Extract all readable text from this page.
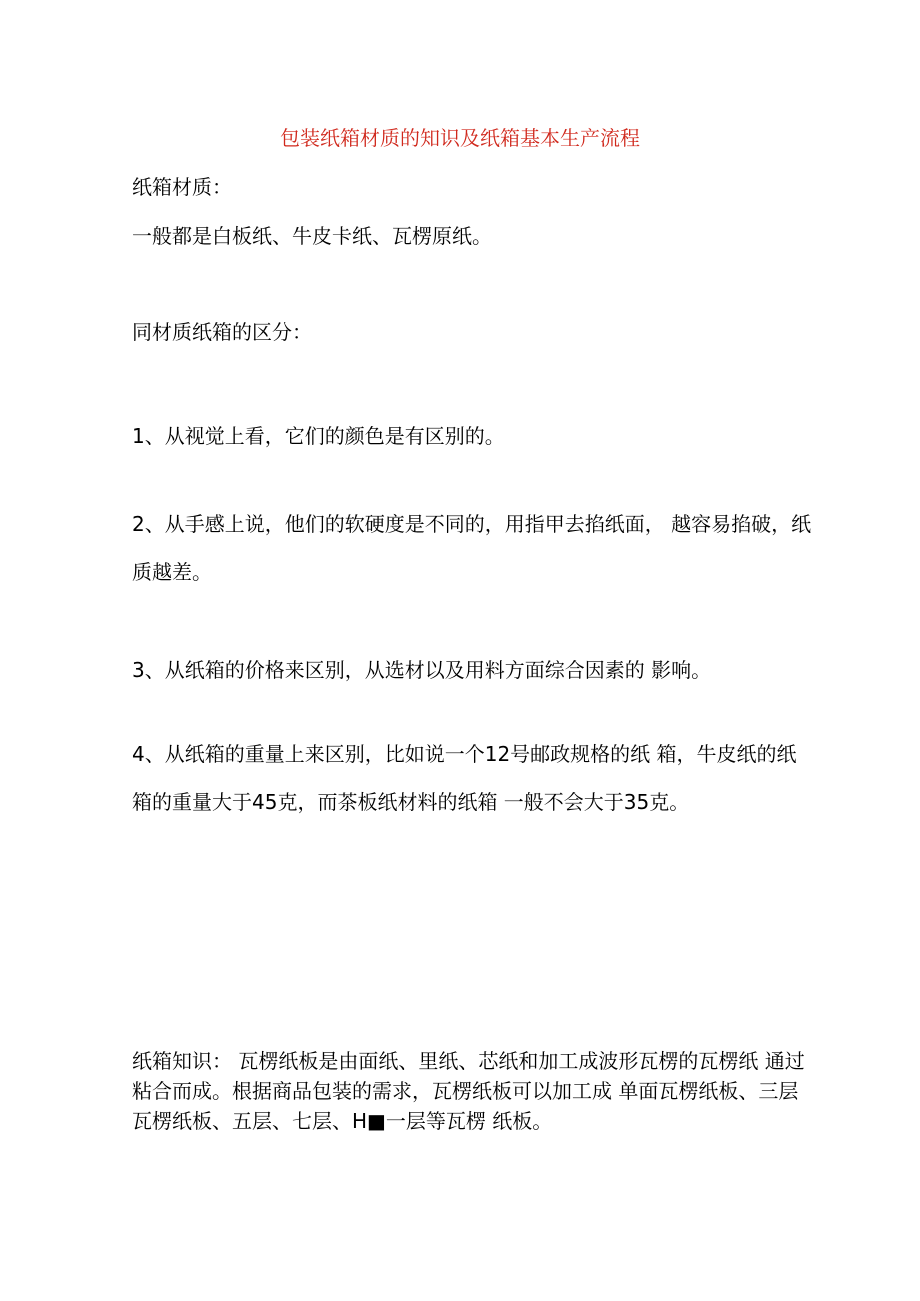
包装纸箱材质的知识及纸箱基本生产流程
纸箱材质：
一般都是白板纸、牛皮卡纸、瓦楞原纸。
同材质纸箱的区分：
1、从视觉上看，它们的颜色是有区别的。
2、从手感上说，他们的软硬度是不同的，用指甲去掐纸面， 越容易掐破，纸质越差。
3、从纸箱的价格来区别，从选材以及用料方面综合因素的 影响。
4、从纸箱的重量上来区别，比如说一个12号邮政规格的纸 箱，牛皮纸的纸箱的重量大于45克，而茶板纸材料的纸箱 一般不会大于35克。
纸箱知识： 瓦楞纸板是由面纸、里纸、芯纸和加工成波形瓦楞的瓦楞纸 通过粘合而成。根据商品包装的需求，瓦楞纸板可以加工成 单面瓦楞纸板、三层瓦楞纸板、五层、七层、H■一层等瓦楞 纸板。
